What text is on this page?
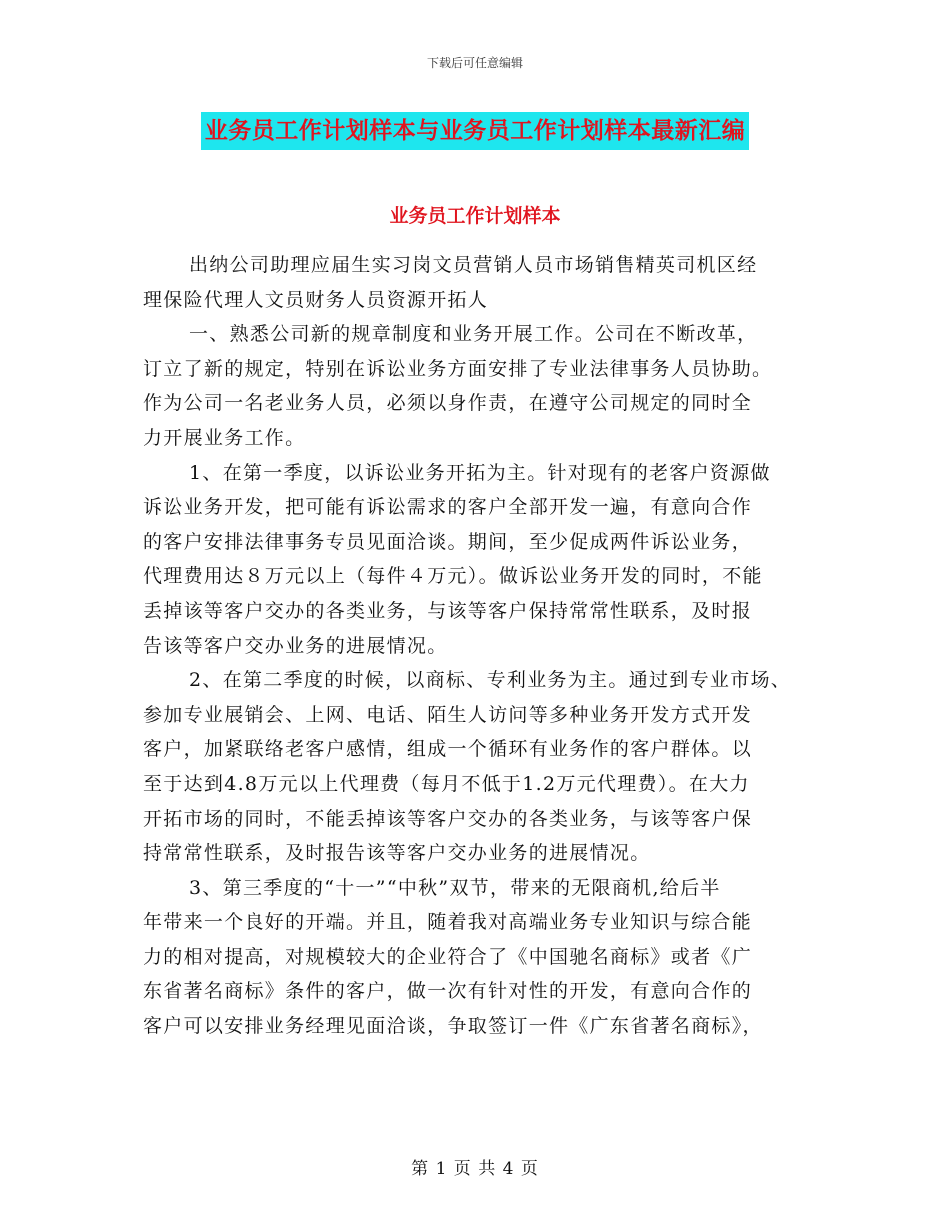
下载后可任意编辑
业务员工作计划样本与业务员工作计划样本最新汇编
业务员工作计划样本
出纳公司助理应届生实习岗文员营销人员市场销售精英司机区经
理保险代理人文员财务人员资源开拓人
一、熟悉公司新的规章制度和业务开展工作。公司在不断改革，
订立了新的规定，特别在诉讼业务方面安排了专业法律事务人员协助。
作为公司一名老业务人员，必须以身作责，在遵守公司规定的同时全
力开展业务工作。
1、在第一季度，以诉讼业务开拓为主。针对现有的老客户资源做
诉讼业务开发，把可能有诉讼需求的客户全部开发一遍，有意向合作
的客户安排法律事务专员见面洽谈。期间，至少促成两件诉讼业务，
代理费用达８万元以上（每件４万元）。做诉讼业务开发的同时，不能
丢掉该等客户交办的各类业务，与该等客户保持常常性联系，及时报
告该等客户交办业务的进展情况。
2、在第二季度的时候，以商标、专利业务为主。通过到专业市场、
参加专业展销会、上网、电话、陌生人访问等多种业务开发方式开发
客户，加紧联络老客户感情，组成一个循环有业务作的客户群体。以
至于达到4.8万元以上代理费（每月不低于1.2万元代理费）。在大力
开拓市场的同时，不能丢掉该等客户交办的各类业务，与该等客户保
持常常性联系，及时报告该等客户交办业务的进展情况。
3、第三季度的“十一”“中秋”双节，带来的无限商机,给后半
年带来一个良好的开端。并且，随着我对高端业务专业知识与综合能
力的相对提高，对规模较大的企业符合了《中国驰名商标》或者《广
东省著名商标》条件的客户，做一次有针对性的开发，有意向合作的
客户可以安排业务经理见面洽谈，争取签订一件《广东省著名商标》，
第 1 页 共 4 页
